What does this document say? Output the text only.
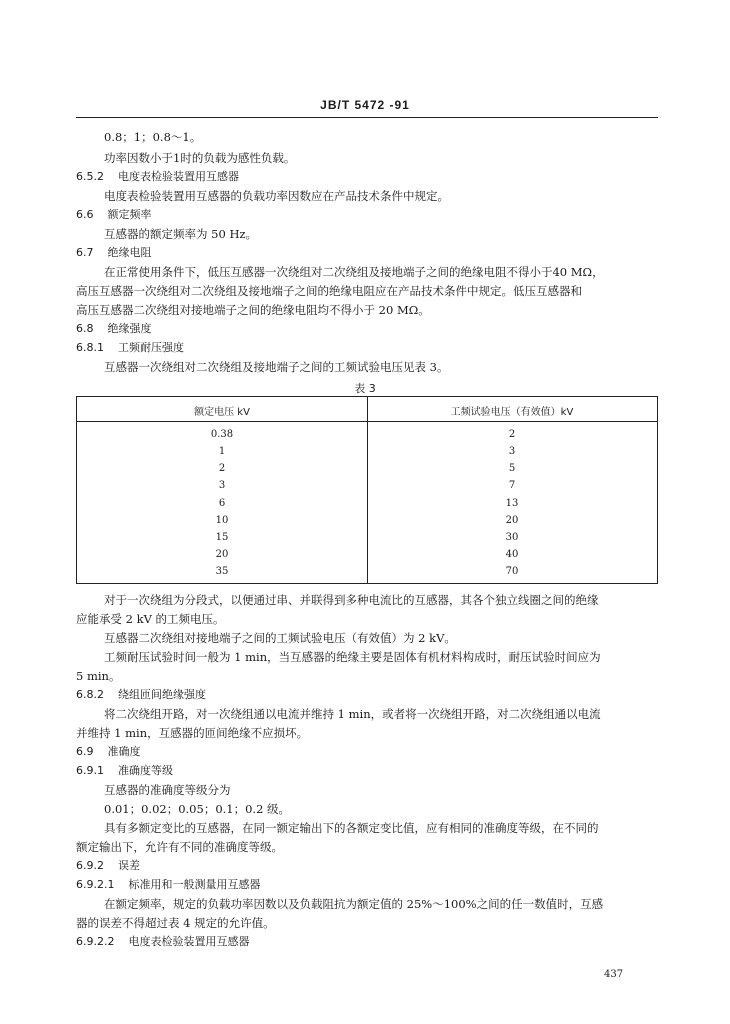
JB/T 5472 -91
0.8；1；0.8～1。
功率因数小于1时的负载为感性负载。
6.5.2 电度表检验装置用互感器
电度表检验装置用互感器的负载功率因数应在产品技术条件中规定。
6.6 额定频率
互感器的额定频率为 50 Hz。
6.7 绝缘电阻
在正常使用条件下，低压互感器一次绕组对二次绕组及接地端子之间的绝缘电阻不得小于40 MΩ，
高压互感器一次绕组对二次绕组及接地端子之间的绝缘电阻应在产品技术条件中规定。低压互感器和
高压互感器二次绕组对接地端子之间的绝缘电阻均不得小于 20 MΩ。
6.8 绝缘强度
6.8.1 工频耐压强度
互感器一次绕组对二次绕组及接地端子之间的工频试验电压见表 3。
表 3
额定电压 kV	工频试验电压（有效值）kV
0.38	2
1	3
2	5
3	7
6	13
10	20
15	30
20	40
35	70
对于一次绕组为分段式，以便通过串、并联得到多种电流比的互感器，其各个独立线圈之间的绝缘
应能承受 2 kV 的工频电压。
互感器二次绕组对接地端子之间的工频试验电压（有效值）为 2 kV。
工频耐压试验时间一般为 1 min，当互感器的绝缘主要是固体有机材料构成时，耐压试验时间应为
5 min。
6.8.2 绕组匝间绝缘强度
将二次绕组开路，对一次绕组通以电流并维持 1 min，或者将一次绕组开路，对二次绕组通以电流
并维持 1 min，互感器的匝间绝缘不应损坏。
6.9 准确度
6.9.1 准确度等级
互感器的准确度等级分为
0.01；0.02；0.05；0.1；0.2 级。
具有多额定变比的互感器，在同一额定输出下的各额定变比值，应有相同的准确度等级，在不同的
额定输出下，允许有不同的准确度等级。
6.9.2 误差
6.9.2.1 标准用和一般测量用互感器
在额定频率，规定的负载功率因数以及负载阻抗为额定值的 25%～100%之间的任一数值时，互感
器的误差不得超过表 4 规定的允许值。
6.9.2.2 电度表检验装置用互感器
437
